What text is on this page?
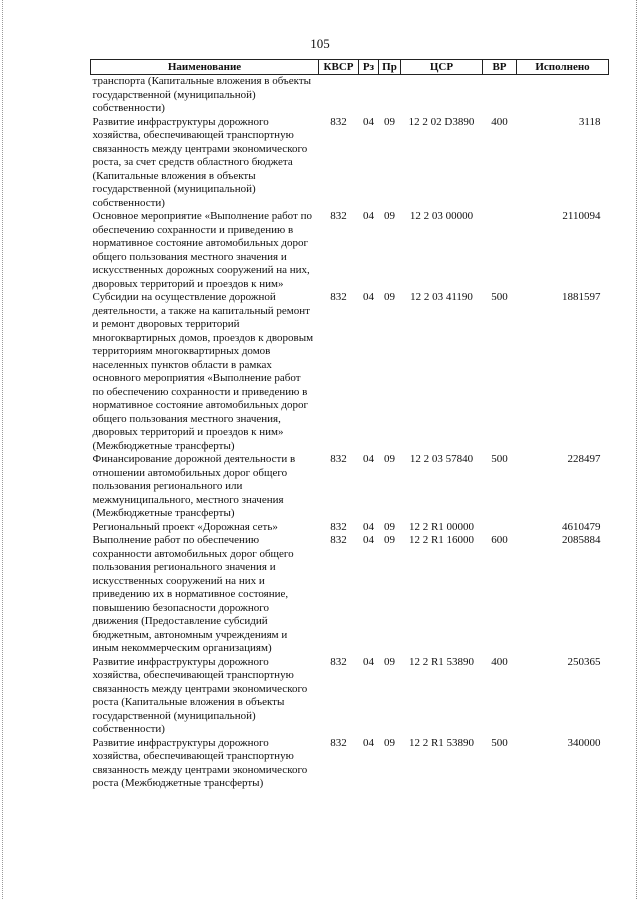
105
Наименование	КВСР	Рз	Пр	ЦСР	ВР	Исполнено
транспорта (Капитальные вложения в объекты государственной (муниципальной) собственности)						
Развитие инфраструктуры дорожного хозяйства, обеспечивающей транспортную связанность между центрами экономического роста, за счет средств областного бюджета (Капитальные вложения в объекты государственной (муниципальной) собственности)	832	04	09	12 2 02 D3890	400	3118
Основное мероприятие «Выполнение работ по обеспечению сохранности и приведению в нормативное состояние автомобильных дорог общего пользования местного значения и искусственных дорожных сооружений на них, дворовых территорий и проездов к ним»	832	04	09	12 2 03 00000		2110094
Субсидии на осуществление дорожной деятельности, а также на капитальный ремонт и ремонт дворовых территорий многоквартирных домов, проездов к дворовым территориям многоквартирных домов населенных пунктов области в рамках основного мероприятия «Выполнение работ по обеспечению сохранности и приведению в нормативное состояние автомобильных дорог общего пользования местного значения, дворовых территорий и проездов к ним» (Межбюджетные трансферты)	832	04	09	12 2 03 41190	500	1881597
Финансирование дорожной деятельности в отношении автомобильных дорог общего пользования регионального или межмуниципального, местного значения (Межбюджетные трансферты)	832	04	09	12 2 03 57840	500	228497
Региональный проект «Дорожная сеть»	832	04	09	12 2 R1 00000		4610479
Выполнение работ по обеспечению сохранности автомобильных дорог общего пользования регионального значения и искусственных сооружений на них и приведению их в нормативное состояние, повышению безопасности дорожного движения (Предоставление субсидий бюджетным, автономным учреждениям и иным некоммерческим организациям)	832	04	09	12 2 R1 16000	600	2085884
Развитие инфраструктуры дорожного хозяйства, обеспечивающей транспортную связанность между центрами экономического роста (Капитальные вложения в объекты государственной (муниципальной) собственности)	832	04	09	12 2 R1 53890	400	250365
Развитие инфраструктуры дорожного хозяйства, обеспечивающей транспортную связанность между центрами экономического роста (Межбюджетные трансферты)	832	04	09	12 2 R1 53890	500	340000
